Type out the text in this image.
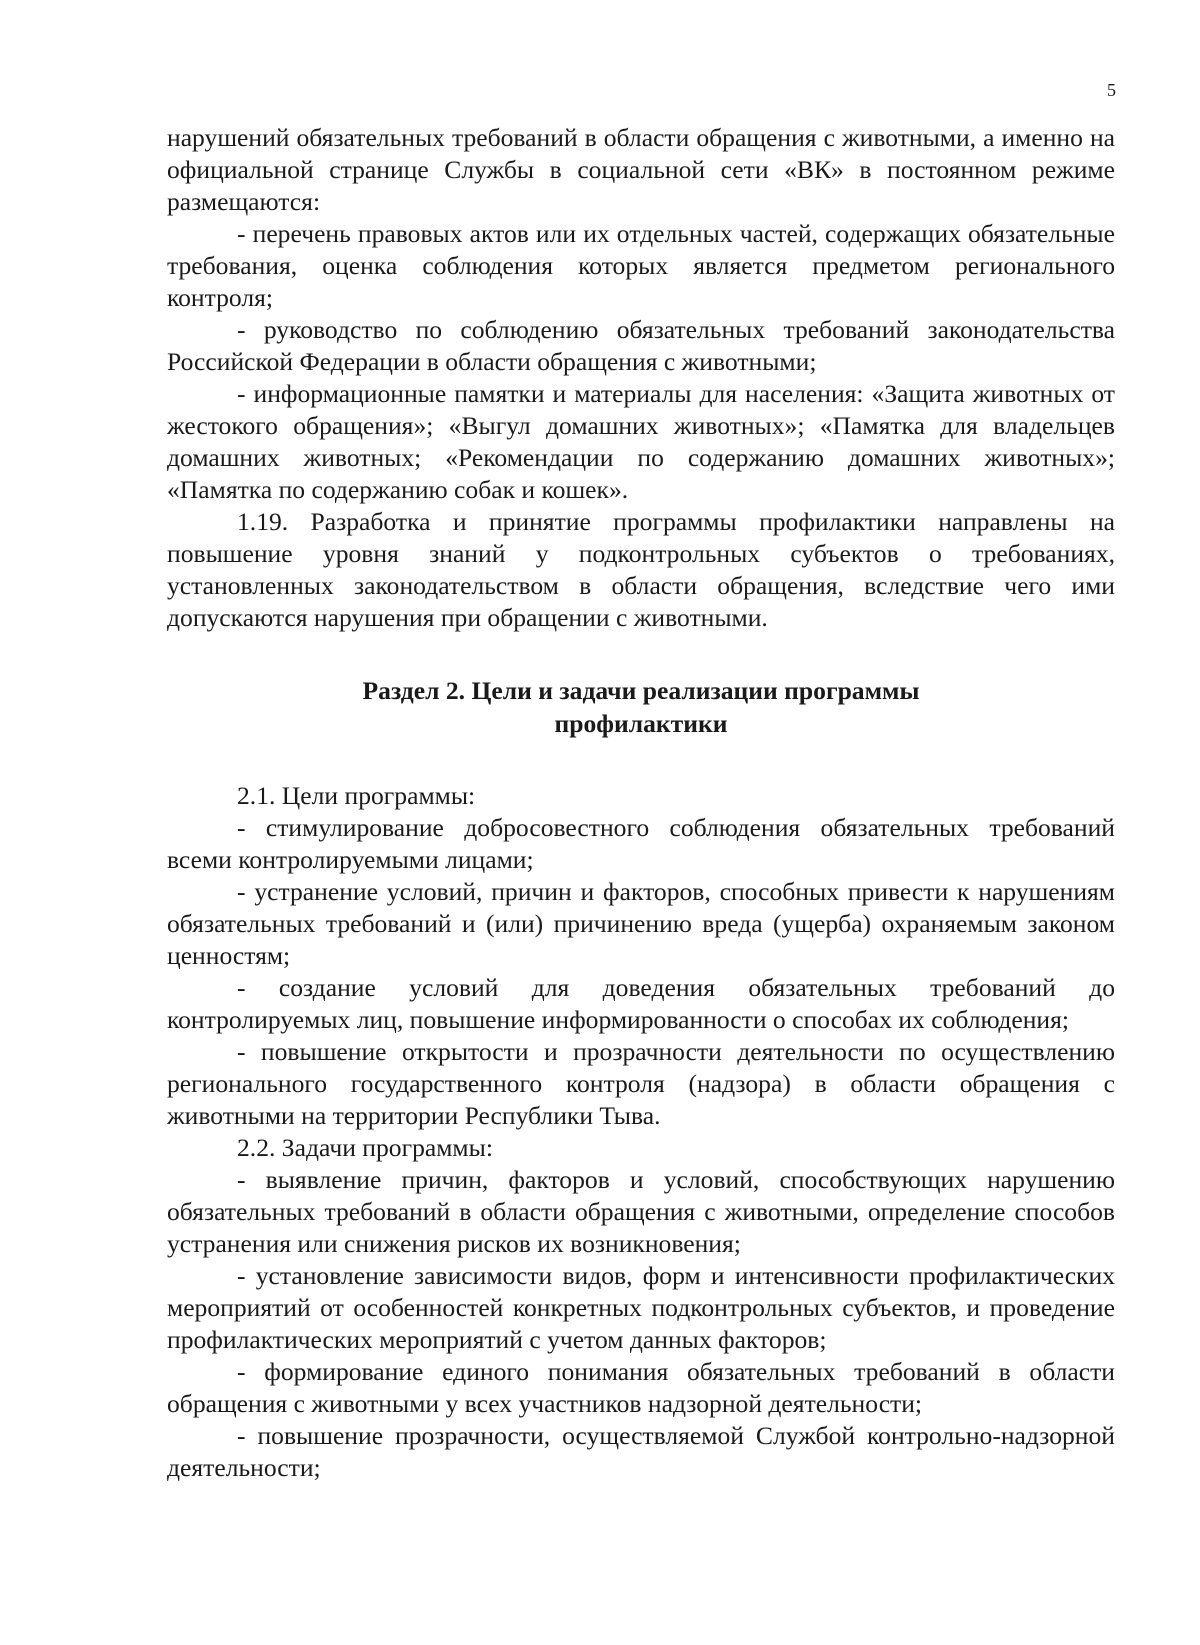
5

нарушений обязательных требований в области обращения с животными, а именно на официальной странице Службы в социальной сети «ВК» в постоянном режиме размещаются:

- перечень правовых актов или их отдельных частей, содержащих обязательные требования, оценка соблюдения которых является предметом регионального контроля;

- руководство по соблюдению обязательных требований законодательства Российской Федерации в области обращения с животными;

- информационные памятки и материалы для населения: «Защита животных от жестокого обращения»; «Выгул домашних животных»; «Памятка для владельцев домашних животных; «Рекомендации по содержанию домашних животных»; «Памятка по содержанию собак и кошек».

1.19. Разработка и принятие программы профилактики направлены на повышение уровня знаний у подконтрольных субъектов о требованиях, установленных законодательством в области обращения, вследствие чего ими допускаются нарушения при обращении с животными.

Раздел 2. Цели и задачи реализации программы
профилактики

2.1. Цели программы:

- стимулирование добросовестного соблюдения обязательных требований всеми контролируемыми лицами;

- устранение условий, причин и факторов, способных привести к нарушениям обязательных требований и (или) причинению вреда (ущерба) охраняемым законом ценностям;

- создание условий для доведения обязательных требований до контролируемых лиц, повышение информированности о способах их соблюдения;

- повышение открытости и прозрачности деятельности по осуществлению регионального государственного контроля (надзора) в области обращения с животными на территории Республики Тыва.

2.2. Задачи программы:

- выявление причин, факторов и условий, способствующих нарушению обязательных требований в области обращения с животными, определение способов устранения или снижения рисков их возникновения;

- установление зависимости видов, форм и интенсивности профилактических мероприятий от особенностей конкретных подконтрольных субъектов, и проведение профилактических мероприятий с учетом данных факторов;

- формирование единого понимания обязательных требований в области обращения с животными у всех участников надзорной деятельности;

- повышение прозрачности, осуществляемой Службой контрольно-надзорной деятельности;
